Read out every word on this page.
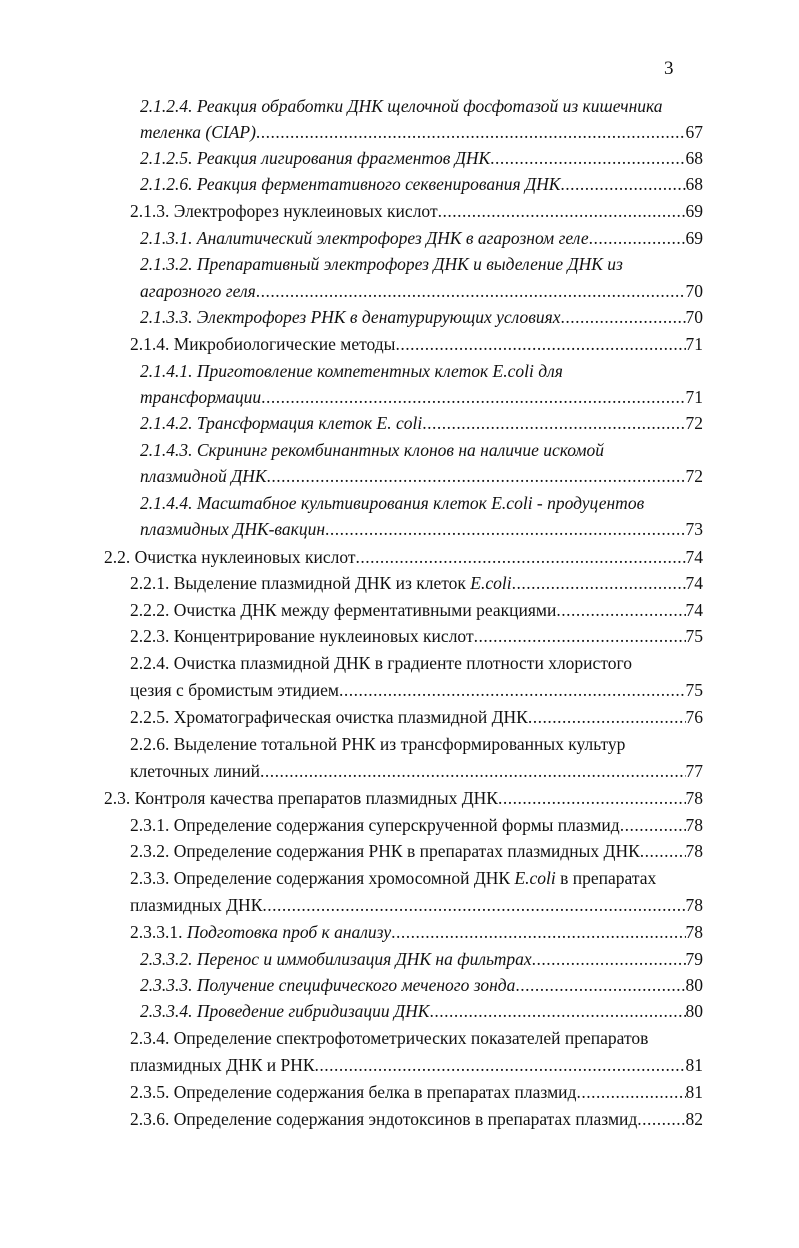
3
2.1.2.4. Реакция обработки ДНК щелочной фосфотазой из кишечника
теленка (CIAP) .....	67
2.1.2.5. Реакция лигирования фрагментов ДНК .....	68
2.1.2.6. Реакция ферментативного секвенирования ДНК .....	68
2.1.3. Электрофорез нуклеиновых кислот .....	69
2.1.3.1. Аналитический электрофорез ДНК в агарозном геле .....	69
2.1.3.2. Препаративный электрофорез ДНК и выделение ДНК из
агарозного геля .....	70
2.1.3.3. Электрофорез РНК в денатурирующих условиях .....	70
2.1.4. Микробиологические методы .....	71
2.1.4.1. Приготовление компетентных клеток E.coli для
трансформации .....	71
2.1.4.2. Трансформация клеток E. coli .....	72
2.1.4.3. Скрининг рекомбинантных клонов на наличие искомой
плазмидной ДНК .....	72
2.1.4.4. Масштабное культивирования клеток E.coli - продуцентов
плазмидных ДНК-вакцин .....	73
2.2. Очистка нуклеиновых кислот .....	74
2.2.1. Выделение плазмидной ДНК из клеток E.coli .....	74
2.2.2. Очистка ДНК между ферментативными реакциями .....	74
2.2.3. Концентрирование нуклеиновых кислот .....	75
2.2.4. Очистка плазмидной ДНК в градиенте плотности хлористого
цезия с бромистым этидием .....	75
2.2.5. Хроматографическая очистка плазмидной ДНК .....	76
2.2.6. Выделение тотальной РНК из трансформированных культур
клеточных линий .....	77
2.3. Контроля качества препаратов плазмидных ДНК .....	78
2.3.1. Определение содержания суперскрученной формы плазмид .....	78
2.3.2. Определение содержания РНК в препаратах плазмидных ДНК .....	78
2.3.3. Определение содержания хромосомной ДНК E.coli в препаратах
плазмидных ДНК .....	78
2.3.3.1. Подготовка проб к анализу .....	78
2.3.3.2. Перенос и иммобилизация ДНК на фильтрах .....	79
2.3.3.3. Получение специфического меченого зонда .....	80
2.3.3.4. Проведение гибридизации ДНК .....	80
2.3.4. Определение спектрофотометрических показателей препаратов
плазмидных ДНК и РНК .....	81
2.3.5. Определение содержания белка в препаратах плазмид .....	81
2.3.6. Определение содержания эндотоксинов в препаратах плазмид .....	82
